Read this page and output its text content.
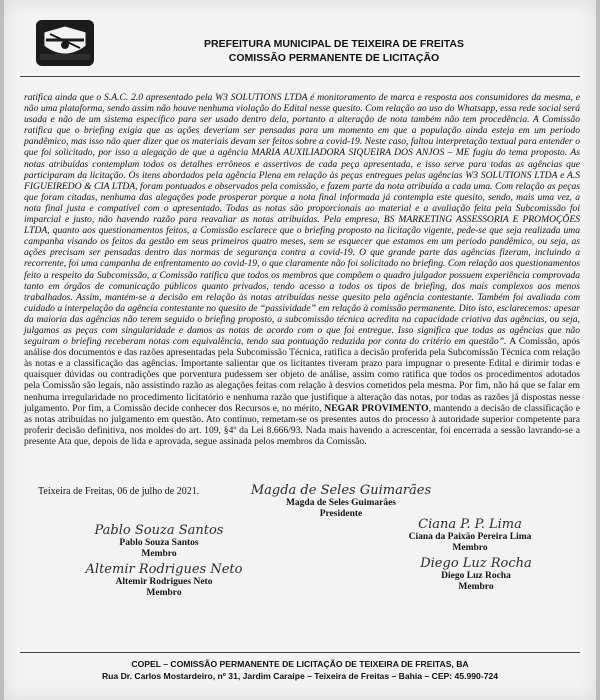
PREFEITURA MUNICIPAL DE TEIXEIRA DE FREITAS
COMISSÃO PERMANENTE DE LICITAÇÃO
ratifica ainda que o S.A.C. 2.0 apresentado pela W3 SOLUTIONS LTDA é monitoramento de marca e resposta aos consumidores da mesma, e não uma plataforma, sendo assim não houve nenhuma violação do Edital nesse quesito. Com relação ao uso do Whatsapp, essa rede social será usada e não de um sistema específico para ser usado dentro dela, portanto a alteração de nota também não tem procedência. A Comissão ratifica que o briefing exigia que as ações deveriam ser pensadas para um momento em que a população ainda esteja em um período pandêmico, mas isso não quer dizer que os materiais devam ser feitos sobre a covid-19. Neste caso, faltou interpretação textual para entender o que foi solicitado, por isso a alegação de que a agência MARIA AUXILIADORA SIQUEIRA DOS ANJOS – ME fugiu do tema proposto. As notas atribuídas contemplam todos os detalhes errôneos e assertivos de cada peça apresentada, e isso serve para todas as agências que participaram da licitação. Os itens abordados pela agência Plena em relação às peças entregues pelas agências W3 SOLUTIONS LTDA e A.S FIGUEIREDO & CIA LTDA, foram pontuados e observados pela comissão, e fazem parte da nota atribuída a cada uma. Com relação as peças que foram citadas, nenhuma das alegações pode prosperar porque a nota final informada já contempla este quesito, sendo, mais uma vez, a nota final justa e compatível com o apresentado. Todas as notas são proporcionais ao material e a avaliação feita pela Subcomissão foi imparcial e justo, não havendo razão para reavaliar as notas atribuídas. Pela empresa, BS MARKETING ASSESSORIA E PROMOÇÕES LTDA, quanto aos questionamentos feitos, a Comissão esclarece que o briefing proposto na licitação vigente, pede-se que seja realizada uma campanha visando os feitos da gestão em seus primeiros quatro meses, sem se esquecer que estamos em um período pandêmico, ou seja, as ações precisam ser pensadas dentro das normas de segurança contra a covid-19. O que grande parte das agências fizeram, incluindo a recorrente, foi uma campanha de enfrentamento ao covid-19, o que claramente não foi solicitado no briefing. Com relação aos questionamentos feito a respeito da Subcomissão, a Comissão ratifica que todos os membros que compõem o quadro julgador possuem experiência comprovada tanto em órgãos de comunicação públicos quanto privados, tendo acesso a todos os tipos de briefing, dos mais complexos aos menos trabalhados. Assim, mantém-se a decisão em relação às notas atribuídas nesse quesito pela agência contestante. Também foi avaliada com cuidado a interpelação da agência contestante no quesito de “passividade” em relação à comissão permanente. Dito isto, esclarecemos: apesar da maioria das agências não terem seguido o briefing proposto, a subcomissão técnica acredita na capacidade criativa das agências, ou seja, julgamos as peças com singularidade e damos as notas de acordo com o que foi entregue. Isso significa que todas as agências que não seguiram o briefing receberam notas com equivalência, tendo sua pontuação reduzida por conta do critério em questão”. A Comissão, após análise dos documentos e das razões apresentadas pela Subcomissão Técnica, ratifica a decisão proferida pela Subcomissão Técnica com relação às notas e a classificação das agências. Importante salientar que os licitantes tiveram prazo para impugnar o presente Edital e dirimir todas e quaisquer dúvidas ou contradições que porventura pudessem ser objeto de análise, assim como ratifica que todos os procedimentos adotados pela Comissão são legais, não assistindo razão as alegações feitas com relação à desvios cometidos pela mesma. Por fim, não há que se falar em nenhuma irregularidade no procedimento licitatório e nenhuma razão que justifique a alteração das notas, por todas as razões já dispostas nesse julgamento. Por fim, a Comissão decide conhecer dos Recursos e, no mérito, NEGAR PROVIMENTO, mantendo a decisão de classificação e as notas atribuídas no julgamento em questão. Ato contínuo, remetam-se os presentes autos do processo à autoridade superior competente para proferir decisão definitiva, nos moldes do art. 109, §4º da Lei 8.666/93. Nada mais havendo a acrescentar, foi encerrada a sessão lavrando-se a presente Ata que, depois de lida e aprovada, segue assinada pelos membros da Comissão.
Teixeira de Freitas, 06 de julho de 2021.	Magda de Seles Guimarães
Magda de Seles Guimarães
Presidente
Pablo Souza Santos
Pablo Souza Santos
Membro
Ciana P. P. Lima
Ciana da Paixão Pereira Lima
Membro
Altemir Rodrigues Neto
Altemir Rodrigues Neto
Membro
Diego Luz Rocha
Diego Luz Rocha
Membro
COPEL – COMISSÃO PERMANENTE DE LICITAÇÃO DE TEIXEIRA DE FREITAS, BA
Rua Dr. Carlos Mostardeiro, nº 31, Jardim Caraípe – Teixeira de Freitas – Bahia – CEP: 45.990-724
